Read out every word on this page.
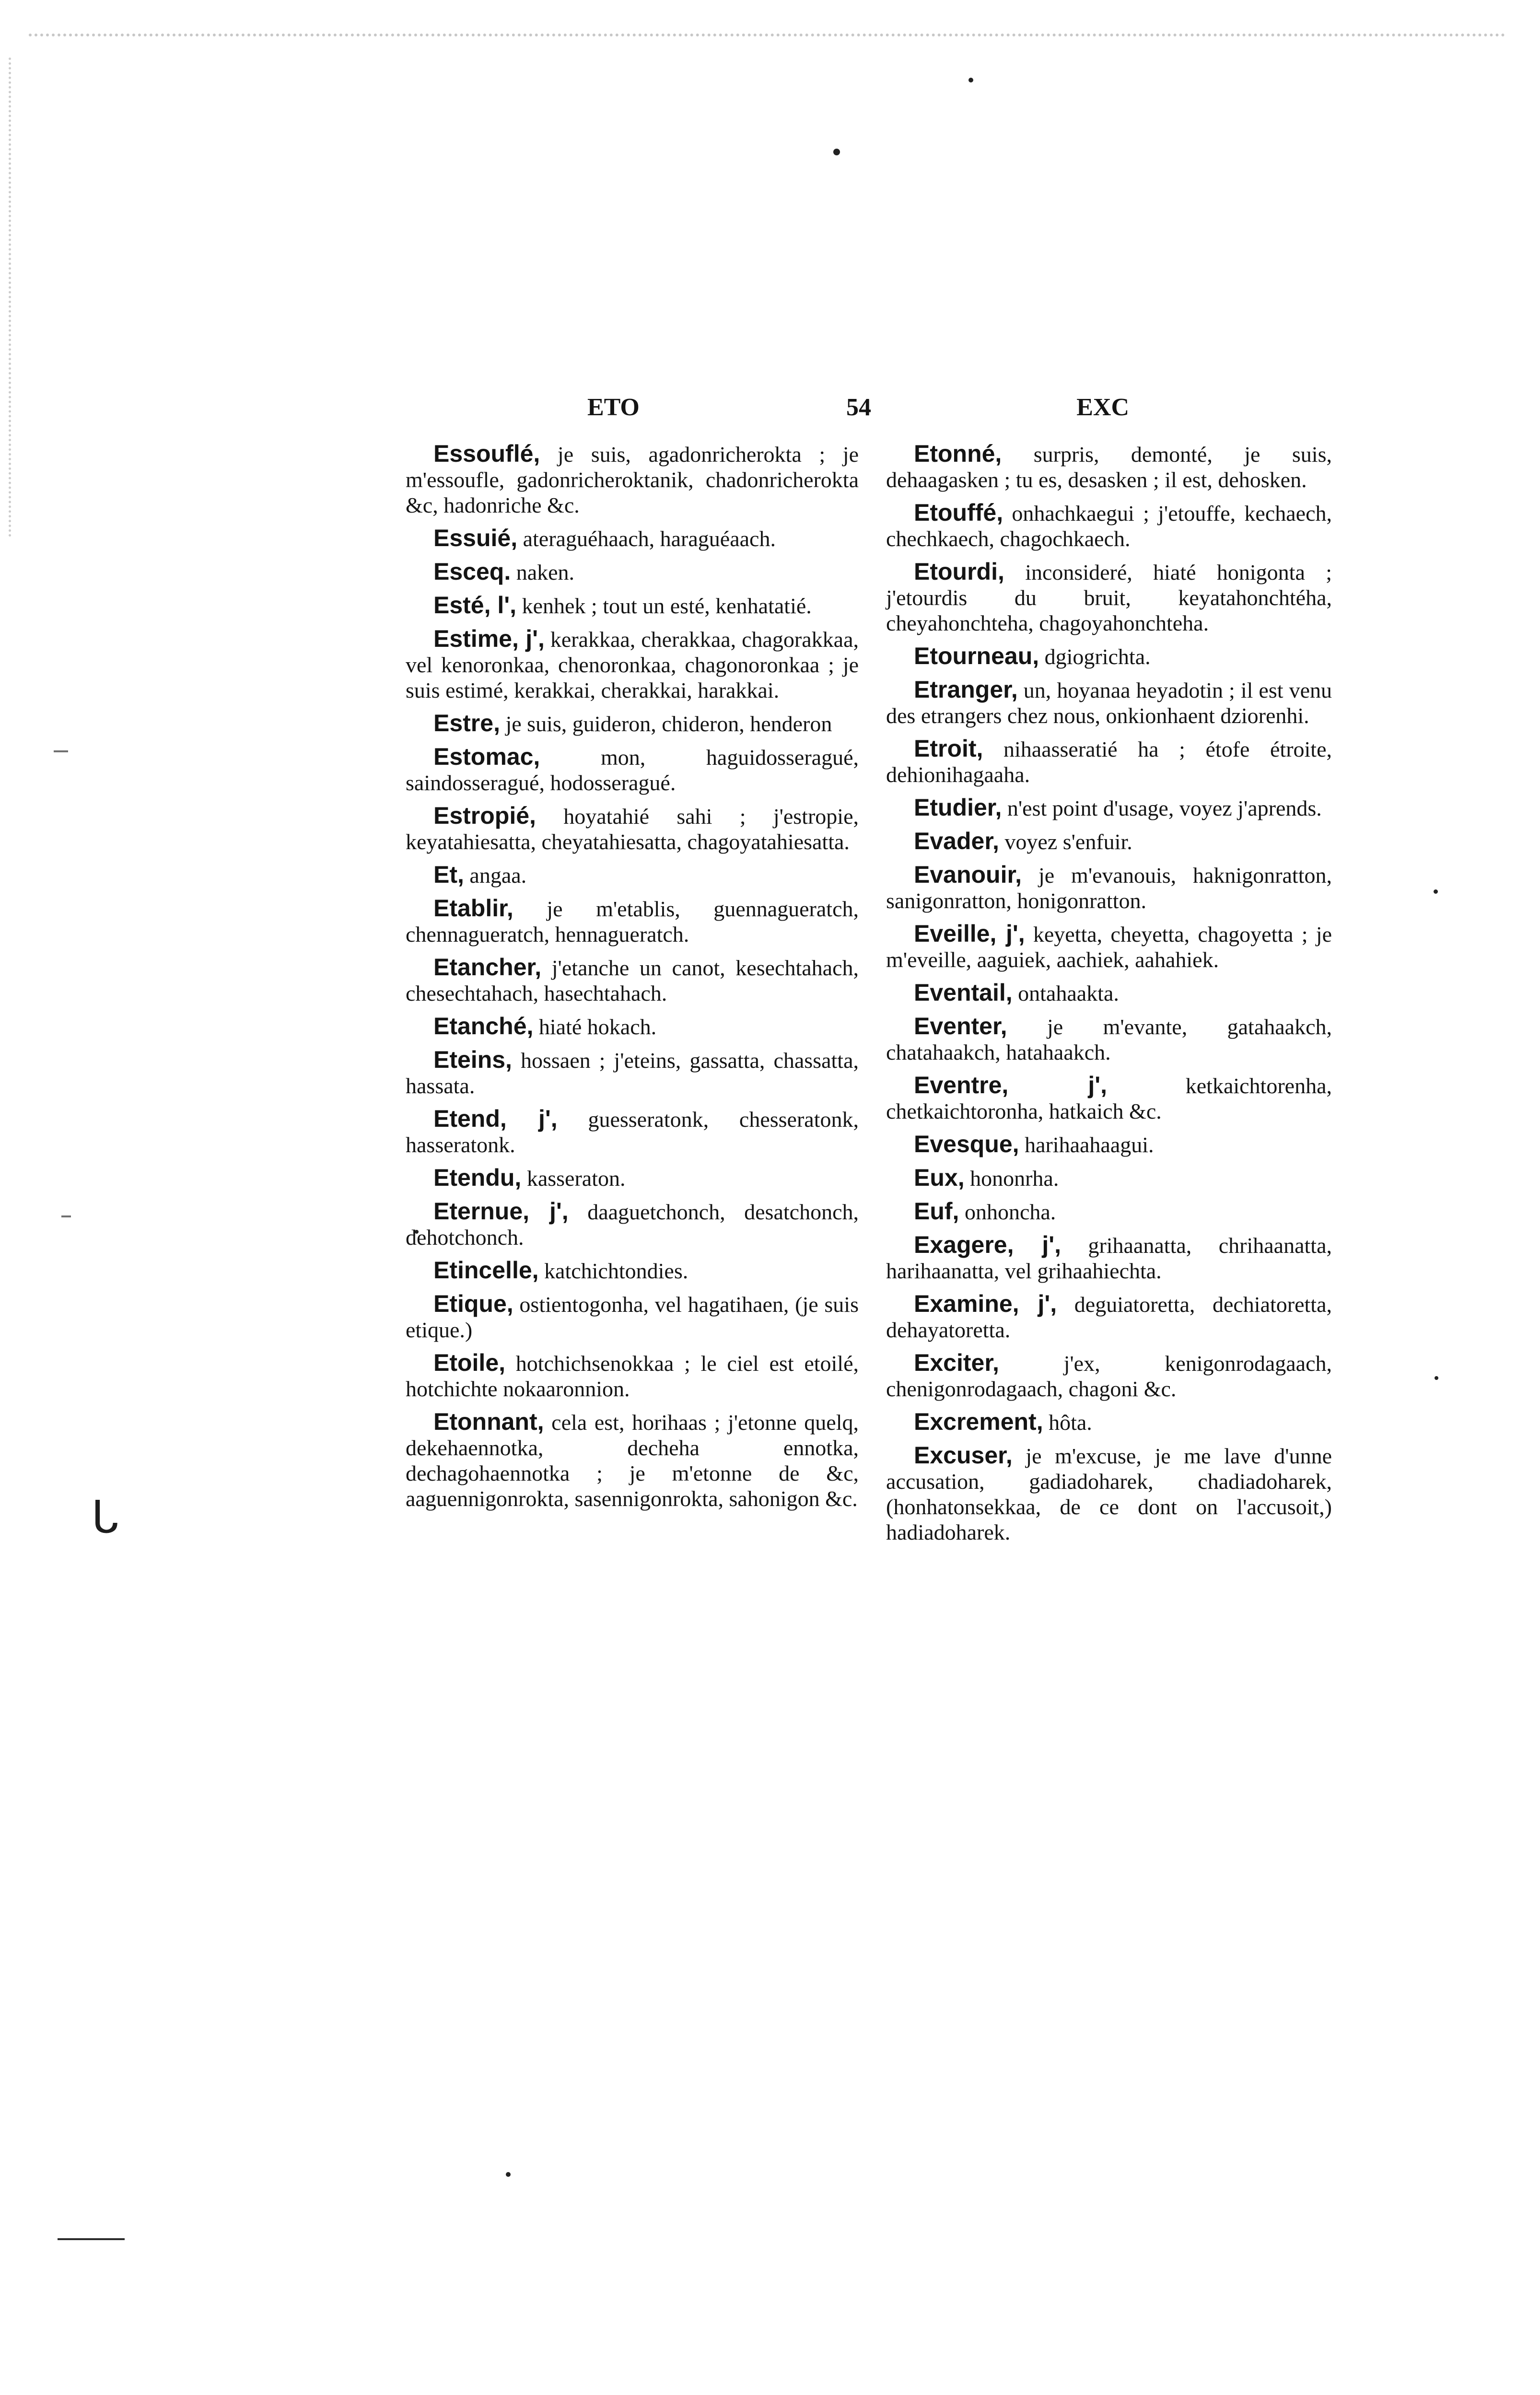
ᒐ
ETO	54	EXC

Essouflé, je suis, agadonricherokta ; je m'essoufle, gadonricheroktanik, chadonricherokta &c, hadonriche &c.

Essuié, ateraguéhaach, haraguéaach.

Esceq. naken.

Esté, l', kenhek ; tout un esté, kenhatatié.

Estime, j', kerakkaa, cherakkaa, chagorakkaa, vel kenoronkaa, chenoronkaa, chagonoronkaa ; je suis estimé, kerakkai, cherakkai, harakkai.

Estre, je suis, guideron, chideron, henderon

Estomac, mon, haguidosseragué, saindosseragué, hodosseragué.

Estropié, hoyatahié sahi ; j'estropie, keyatahiesatta, cheyatahiesatta, chagoyatahiesatta.

Et, angaa.

Etablir, je m'etablis, guennagueratch, chennagueratch, hennagueratch.

Etancher, j'etanche un canot, kesechtahach, chesechtahach, hasechtahach.

Etanché, hiaté hokach.

Eteins, hossaen ; j'eteins, gassatta, chassatta, hassata.

Etend, j', guesseratonk, chesseratonk, hasseratonk.

Etendu, kasseraton.

Eternue, j', daaguetchonch, desatchonch, dehotchonch.

Etincelle, katchichtondies.

Etique, ostientogonha, vel hagatihaen, (je suis etique.)

Etoile, hotchichsenokkaa ; le ciel est etoilé, hotchichte nokaaronnion.

Etonnant, cela est, horihaas ; j'etonne quelq, dekehaennotka, decheha ennotka, dechagohaennotka ; je m'etonne de &c, aaguennigonrokta, sasennigonrokta, sahonigon &c.

Etonné, surpris, demonté, je suis, dehaagasken ; tu es, desasken ; il est, dehosken.

Etouffé, onhachkaegui ; j'etouffe, kechaech, chechkaech, chagochkaech.

Etourdi, inconsideré, hiaté honigonta ; j'etourdis du bruit, keyatahonchtéha, cheyahonchteha, chagoyahonchteha.

Etourneau, dgiogrichta.

Etranger, un, hoyanaa heyadotin ; il est venu des etrangers chez nous, onkionhaent dziorenhi.

Etroit, nihaasseratié ha ; étofe étroite, dehionihagaaha.

Etudier, n'est point d'usage, voyez j'aprends.

Evader, voyez s'enfuir.

Evanouir, je m'evanouis, haknigonratton, sanigonratton, honigonratton.

Eveille, j', keyetta, cheyetta, chagoyetta ; je m'eveille, aaguiek, aachiek, aahahiek.

Eventail, ontahaakta.

Eventer, je m'evante, gatahaakch, chatahaakch, hatahaakch.

Eventre, j', ketkaichtorenha, chetkaichtoronha, hatkaich &c.

Evesque, harihaahaagui.

Eux, hononrha.

Euf, onhoncha.

Exagere, j', grihaanatta, chrihaanatta, harihaanatta, vel grihaahiechta.

Examine, j', deguiatoretta, dechiatoretta, dehayatoretta.

Exciter, j'ex, kenigonrodagaach, chenigonrodagaach, chagoni &c.

Excrement, hôta.

Excuser, je m'excuse, je me lave d'unne accusation, gadiadoharek, chadiadoharek, (honhatonsekkaa, de ce dont on l'accusoit,) hadiadoharek.
